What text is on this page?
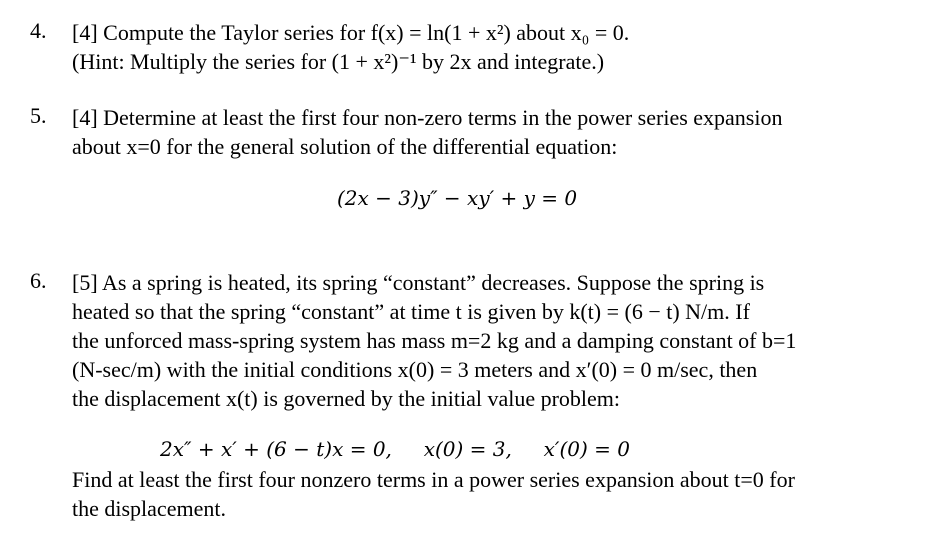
4. [4] Compute the Taylor series for f(x) = ln(1 + x²) about x₀ = 0.
(Hint: Multiply the series for (1 + x²)⁻¹ by 2x and integrate.)
5. [4] Determine at least the first four non-zero terms in the power series expansion
about x=0 for the general solution of the differential equation:
(2x − 3)y″ − xy′ + y = 0
6. [5] As a spring is heated, its spring “constant” decreases. Suppose the spring is
heated so that the spring “constant” at time t is given by k(t) = (6 − t) N/m. If
the unforced mass-spring system has mass m=2 kg and a damping constant of b=1
(N-sec/m) with the initial conditions x(0) = 3 meters and x′(0) = 0 m/sec, then
the displacement x(t) is governed by the initial value problem:
2x″ + x′ + (6 − t)x = 0,     x(0) = 3,     x′(0) = 0
Find at least the first four nonzero terms in a power series expansion about t=0 for
the displacement.
